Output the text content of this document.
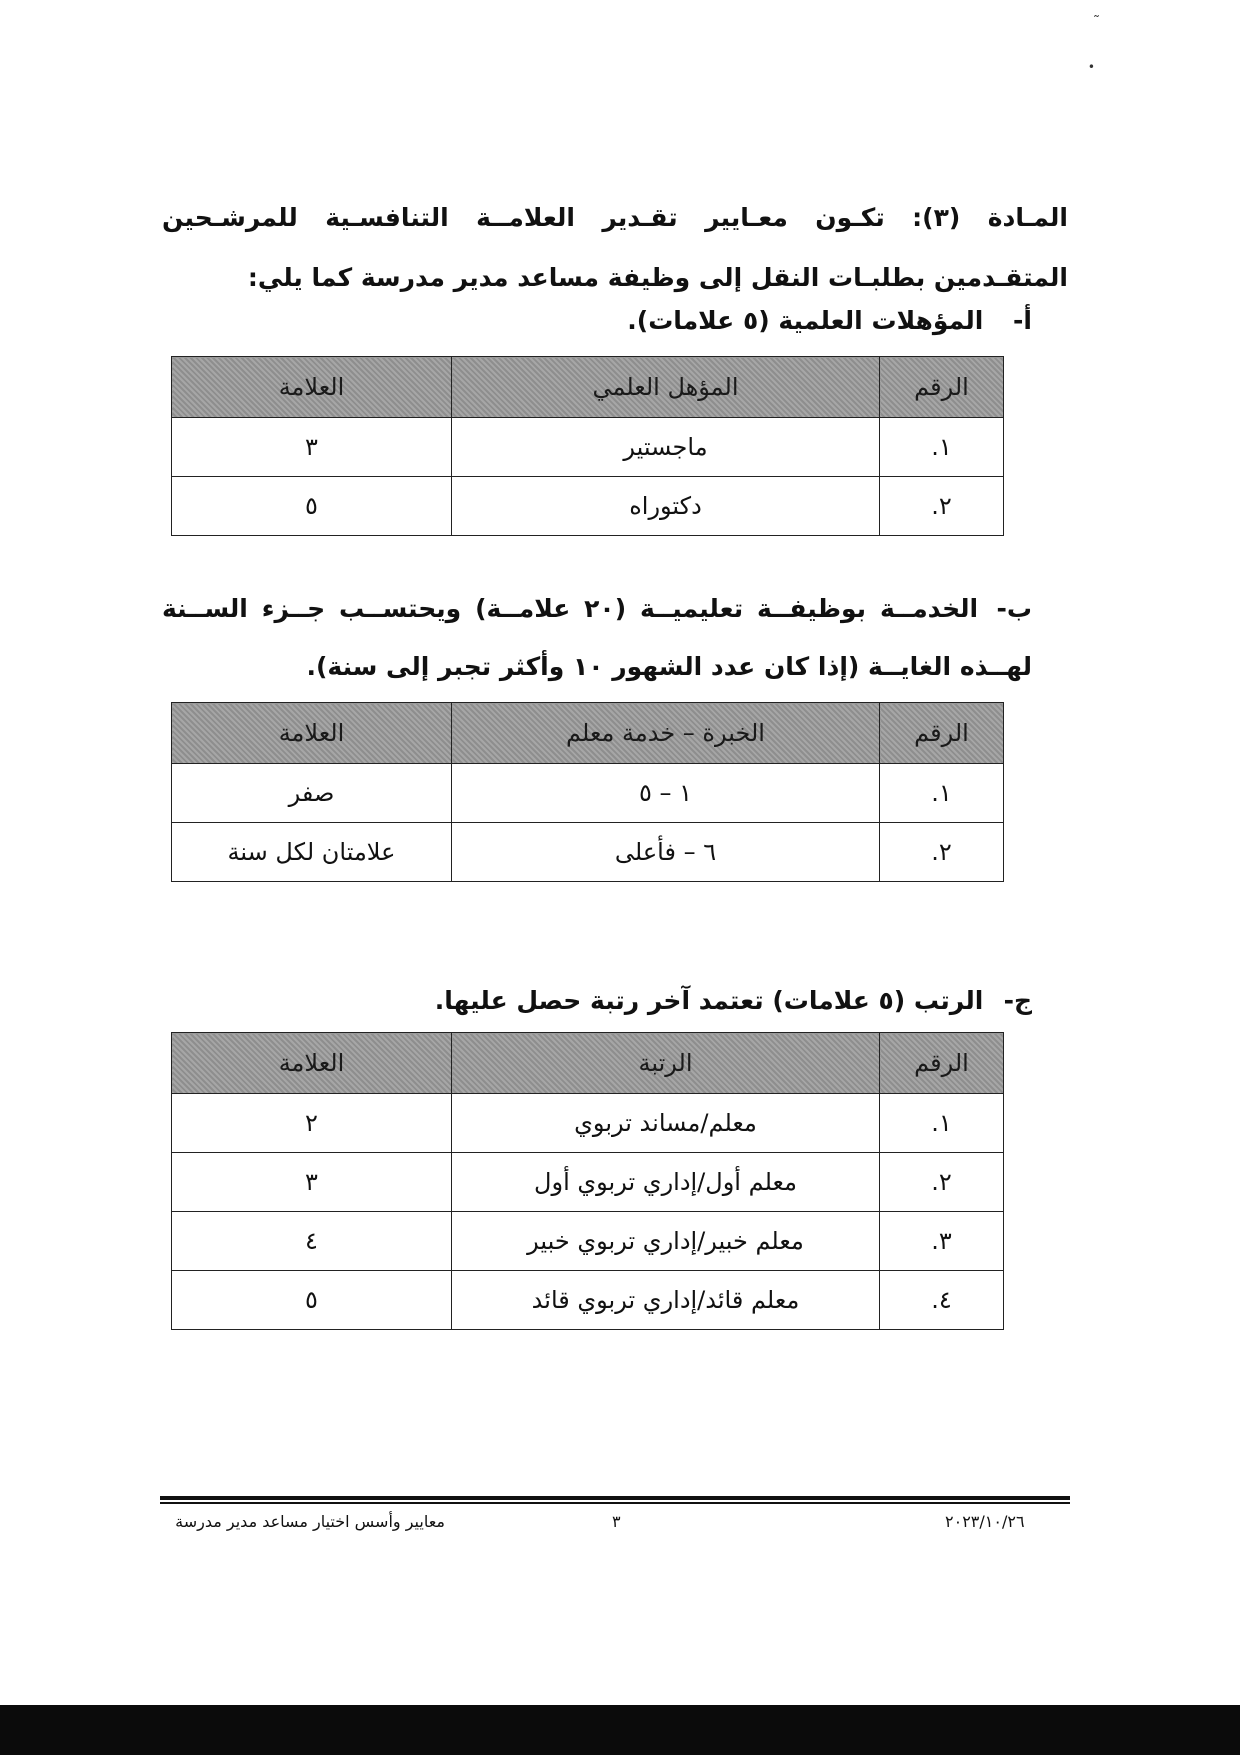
˜
•

المـادة (٣): تكـون معـايير تقـدير العلامــة التنافسـية للمرشـحين المتقـدمين بطلبـات النقل إلى وظيفة مساعد مدير مدرسة كما يلي:

أ- المؤهلات العلمية (٥ علامات).
الرقم	المؤهل العلمي	العلامة
١.	ماجستير	٣
٢.	دكتوراه	٥
ب- الخدمــة بوظيفــة تعليميــة (٢٠ علامــة) ويحتســب جــزء الســنة لهــذه الغايــة (إذا كان عدد الشهور ١٠ وأكثر تجبر إلى سنة).
الرقم	الخبرة – خدمة معلم	العلامة
١.	١ – ٥	صفر
٢.	٦ – فأعلى	علامتان لكل سنة
ج- الرتب (٥ علامات) تعتمد آخر رتبة حصل عليها.
الرقم	الرتبة	العلامة
١.	معلم/مساند تربوي	٢
٢.	معلم أول/إداري تربوي أول	٣
٣.	معلم خبير/إداري تربوي خبير	٤
٤.	معلم قائد/إداري تربوي قائد	٥
معايير وأسس اختيار مساعد مدير مدرسة	٣	٢٠٢٣/١٠/٢٦
